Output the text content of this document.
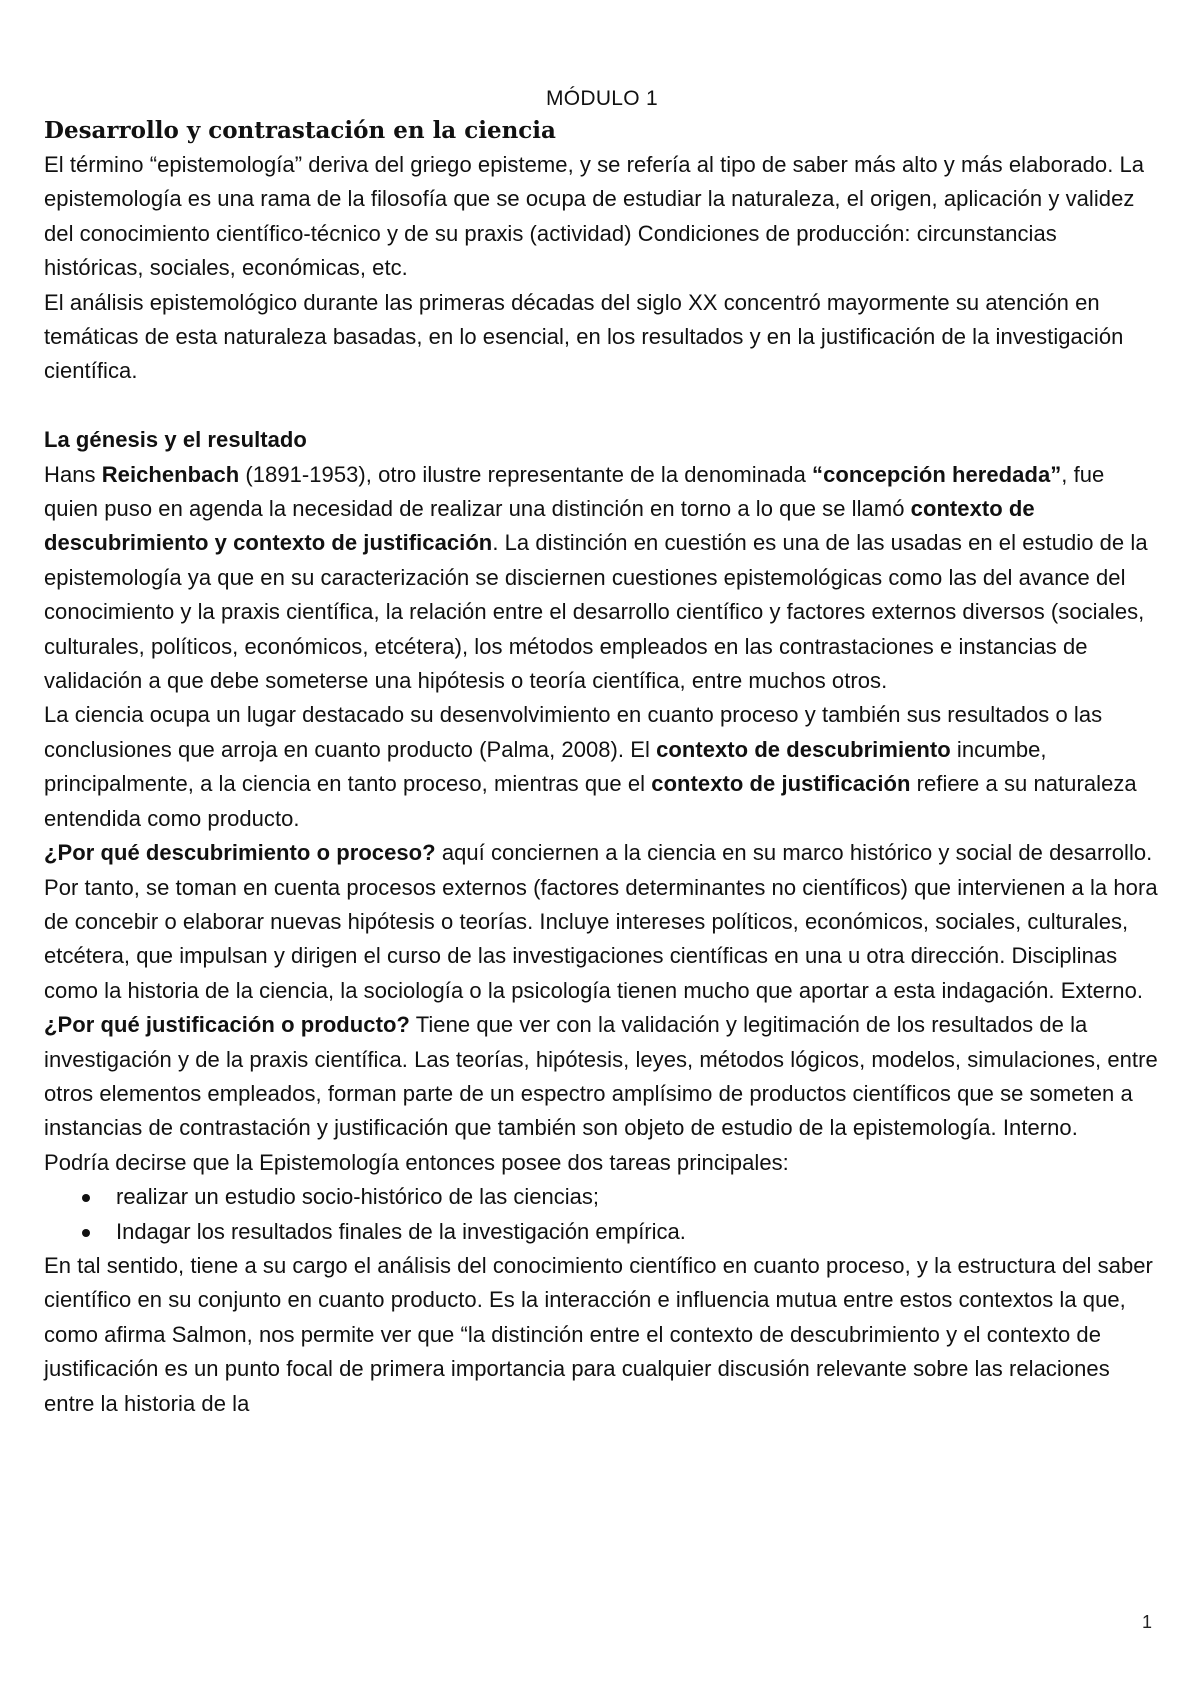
MÓDULO 1
Desarrollo y contrastación en la ciencia

El término “epistemología” deriva del griego episteme, y se refería al tipo de saber más alto y más elaborado. La epistemología es una rama de la filosofía que se ocupa de estudiar la naturaleza, el origen, aplicación y validez del conocimiento científico-técnico y de su praxis (actividad) Condiciones de producción: circunstancias históricas, sociales, económicas, etc.

El análisis epistemológico durante las primeras décadas del siglo XX concentró mayormente su atención en temáticas de esta naturaleza basadas, en lo esencial, en los resultados y en la justificación de la investigación científica.

La génesis y el resultado

Hans Reichenbach (1891-1953), otro ilustre representante de la denominada “concepción heredada”, fue quien puso en agenda la necesidad de realizar una distinción en torno a lo que se llamó contexto de descubrimiento y contexto de justificación. La distinción en cuestión es una de las usadas en el estudio de la epistemología ya que en su caracterización se disciernen cuestiones epistemológicas como las del avance del conocimiento y la praxis científica, la relación entre el desarrollo científico y factores externos diversos (sociales, culturales, políticos, económicos, etcétera), los métodos empleados en las contrastaciones e instancias de validación a que debe someterse una hipótesis o teoría científica, entre muchos otros.

La ciencia ocupa un lugar destacado su desenvolvimiento en cuanto proceso y también sus resultados o las conclusiones que arroja en cuanto producto (Palma, 2008). El contexto de descubrimiento incumbe, principalmente, a la ciencia en tanto proceso, mientras que el contexto de justificación refiere a su naturaleza entendida como producto.

¿Por qué descubrimiento o proceso? aquí conciernen a la ciencia en su marco histórico y social de desarrollo. Por tanto, se toman en cuenta procesos externos (factores determinantes no científicos) que intervienen a la hora de concebir o elaborar nuevas hipótesis o teorías. Incluye intereses políticos, económicos, sociales, culturales, etcétera, que impulsan y dirigen el curso de las investigaciones científicas en una u otra dirección. Disciplinas como la historia de la ciencia, la sociología o la psicología tienen mucho que aportar a esta indagación. Externo.

¿Por qué justificación o producto? Tiene que ver con la validación y legitimación de los resultados de la investigación y de la praxis científica. Las teorías, hipótesis, leyes, métodos lógicos, modelos, simulaciones, entre otros elementos empleados, forman parte de un espectro amplísimo de productos científicos que se someten a instancias de contrastación y justificación que también son objeto de estudio de la epistemología. Interno.

Podría decirse que la Epistemología entonces posee dos tareas principales:

realizar un estudio socio-histórico de las ciencias;
Indagar los resultados finales de la investigación empírica.

En tal sentido, tiene a su cargo el análisis del conocimiento científico en cuanto proceso, y la estructura del saber científico en su conjunto en cuanto producto. Es la interacción e influencia mutua entre estos contextos la que, como afirma Salmon, nos permite ver que “la distinción entre el contexto de descubrimiento y el contexto de justificación es un punto focal de primera importancia para cualquier discusión relevante sobre las relaciones entre la historia de la

1
